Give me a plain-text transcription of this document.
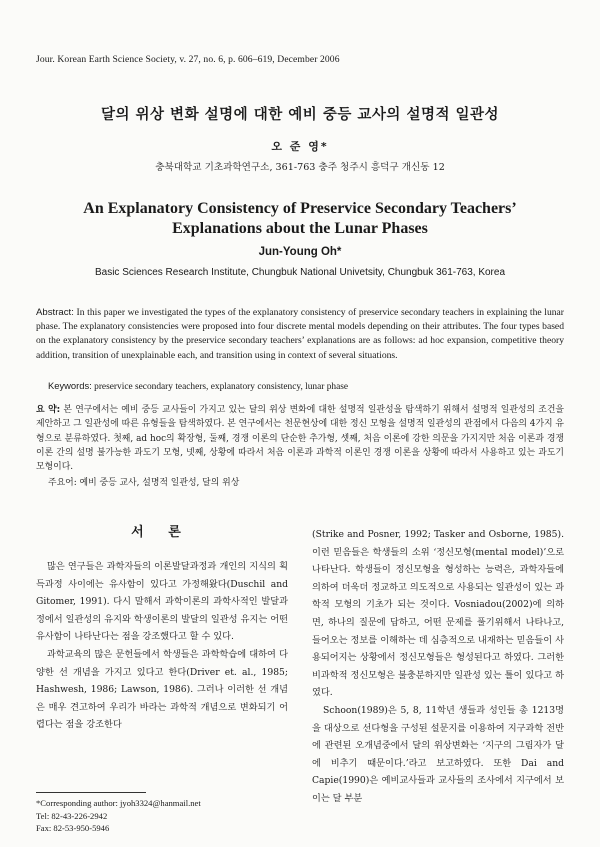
Jour. Korean Earth Science Society, v. 27, no. 6, p. 606–619, December 2006
달의 위상 변화 설명에 대한 예비 중등 교사의 설명적 일관성
오 준 영*
충북대학교 기초과학연구소, 361-763 충주 청주시 흥덕구 개신동 12
An Explanatory Consistency of Preservice Secondary Teachers’
Explanations about the Lunar Phases
Jun-Young Oh*
Basic Sciences Research Institute, Chungbuk National Univetsity, Chungbuk 361-763, Korea
Abstract: In this paper we investigated the types of the explanatory consistency of preservice secondary teachers in explaining the lunar phase. The explanatory consistencies were proposed into four discrete mental models depending on their attributes. The four types based on the explanatory consistency by the preservice secondary teachers’ explanations are as follows: ad hoc expansion, competitive theory addition, transition of unexplainable each, and transition using in context of several situations.
Keywords: preservice secondary teachers, explanatory consistency, lunar phase
요 약: 본 연구에서는 예비 중등 교사들이 가지고 있는 달의 위상 변화에 대한 설명적 일관성을 탐색하기 위해서 설명적 일관성의 조건을 제안하고 그 일관성에 따른 유형들을 탐색하였다. 본 연구에서는 천문현상에 대한 정신 모형을 설명적 일관성의 관점에서 다음의 4가지 유형으로 분류하였다. 첫째, ad hoc의 확장형, 둘째, 경쟁 이론의 단순한 추가형, 셋째, 처음 이론에 강한 의문을 가지지만 처음 이론과 경쟁 이론 간의 설명 불가능한 과도기 모형, 넷째, 상황에 따라서 처음 이론과 과학적 이론인 경쟁 이론을 상황에 따라서 사용하고 있는 과도기 모형이다.
주요어: 예비 중등 교사, 설명적 일관성, 달의 위상
서 론

많은 연구들은 과학자들의 이론발달과정과 개인의 지식의 획득과정 사이에는 유사함이 있다고 가정해왔다(Duschil and Gitomer, 1991). 다시 말해서 과학이론의 과학사적인 발달과정에서 일관성의 유지와 학생이론의 발달의 일관성 유지는 어떤 유사함이 나타난다는 점을 강조했다고 할 수 있다.

과학교육의 많은 문헌들에서 학생들은 과학학습에 대하여 다양한 선 개념을 가지고 있다고 한다(Driver et. al., 1985; Hashwesh, 1986; Lawson, 1986). 그러나 이러한 선 개념은 매우 견고하여 우리가 바라는 과학적 개념으로 변화되기 어렵다는 점을 강조한다

(Strike and Posner, 1992; Tasker and Osborne, 1985). 이런 믿음들은 학생들의 소위 ‘정신모형(mental model)’으로 나타난다. 학생들이 정신모형을 형성하는 능력은, 과학자들에 의하여 더욱더 정교하고 의도적으로 사용되는 일관성이 있는 과학적 모형의 기초가 되는 것이다. Vosniadou(2002)에 의하면, 하나의 질문에 답하고, 어떤 문제를 풀기위해서 나타나고, 들어오는 정보를 이해하는 데 심층적으로 내재하는 믿음들이 사용되어지는 상황에서 정신모형들은 형성된다고 하였다. 그러한 비과학적 정신모형은 불충분하지만 일관성 있는 틀이 있다고 하였다.

Schoon(1989)은 5, 8, 11학년 생들과 성인들 총 1213명을 대상으로 선다형을 구성된 설문지를 이용하여 지구과학 전반에 관련된 오개념중에서 달의 위상변화는 ‘지구의 그림자가 달에 비추기 때문이다.’라고 보고하였다. 또한 Dai and Capie(1990)은 예비교사들과 교사들의 조사에서 지구에서 보이는 달 부분

*Corresponding author: jyoh3324@hanmail.net
Tel: 82-43-226-2942
Fax: 82-53-950-5946
